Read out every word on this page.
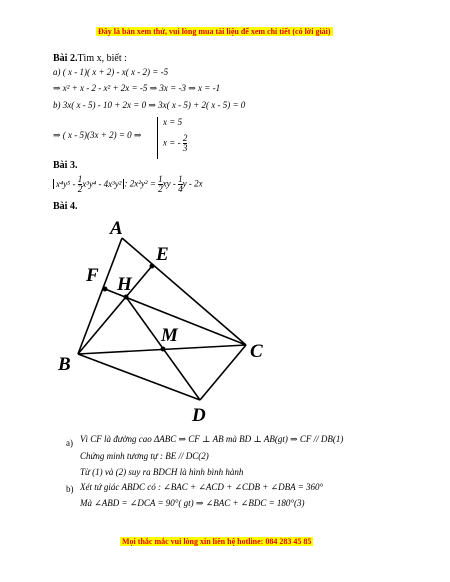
Đây là bản xem thử, vui lòng mua tài liệu để xem chi tiết (có lời giải)
Bài 2.Tìm x, biết :
a) ( x - 1)( x + 2) - x( x - 2) = -5
⇒ x² + x - 2 - x² + 2x = -5 ⇒ 3x = -3 ⇒ x = -1
b) 3x( x - 5) - 10 + 2x = 0 ⇒ 3x( x - 5) + 2( x - 5) = 0
⇒ ( x - 5)(3x + 2) = 0 ⇒
x = 5
x = - $\frac{2}{3}$
Bài 3.
$x^4y^5 - \frac{1}{2} x^3y^4 - 4x^3y^2$ : $2x^2y^2 = \frac{1}{2}$ xy - $\frac{1}{4}$ y - 2x
Bài 4.
A
B
C
D
E
F H
M
a) Vì CF là đường cao ΔABC ⇒ CF ⊥ AB mà BD ⊥ AB(gt) ⇒ CF // DB(1)
Chứng minh tương tự : BE // DC(2)
Từ (1) và (2) suy ra BDCH là hình bình hành
b) Xét tứ giác ABDC có : ∠BAC + ∠ACD + ∠CDB + ∠DBA = 360°
Mà ∠ABD = ∠DCA = 90°( gt) ⇒ ∠BAC + ∠BDC = 180°(3)
Mọi thắc mắc vui lòng xin liên hệ hotline: 084 283 45 85
